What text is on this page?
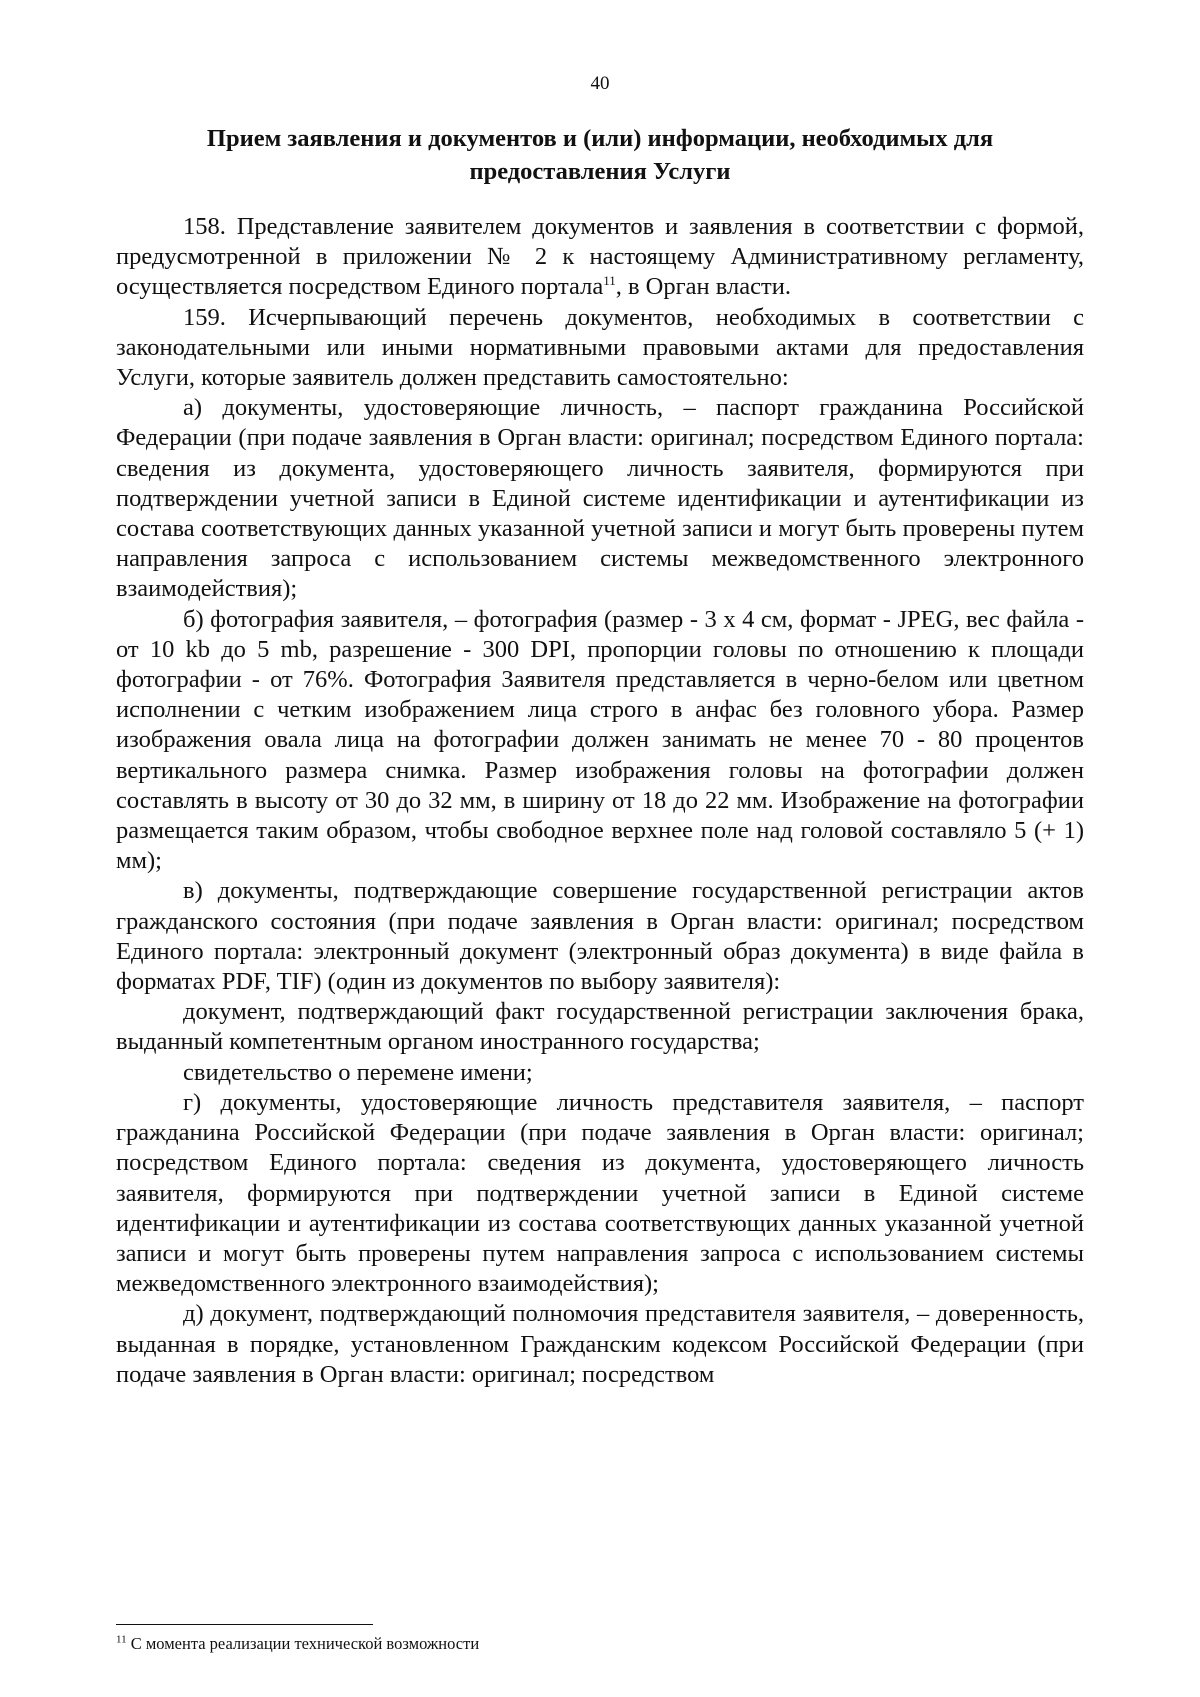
40
Прием заявления и документов и (или) информации, необходимых для предоставления Услуги

158. Представление заявителем документов и заявления в соответствии с формой, предусмотренной в приложении № 2 к настоящему Административному регламенту, осуществляется посредством Единого портала$^{11}$, в Орган власти.

159. Исчерпывающий перечень документов, необходимых в соответствии с законодательными или иными нормативными правовыми актами для предоставления Услуги, которые заявитель должен представить самостоятельно:

а) документы, удостоверяющие личность, – паспорт гражданина Российской Федерации (при подаче заявления в Орган власти: оригинал; посредством Единого портала: сведения из документа, удостоверяющего личность заявителя, формируются при подтверждении учетной записи в Единой системе идентификации и аутентификации из состава соответствующих данных указанной учетной записи и могут быть проверены путем направления запроса с использованием системы межведомственного электронного взаимодействия);

б) фотография заявителя, – фотография (размер - 3 х 4 см, формат - JPEG, вес файла - от 10 kb до 5 mb, разрешение - 300 DPI, пропорции головы по отношению к площади фотографии - от 76%. Фотография Заявителя представляется в черно-белом или цветном исполнении с четким изображением лица строго в анфас без головного убора. Размер изображения овала лица на фотографии должен занимать не менее 70 - 80 процентов вертикального размера снимка. Размер изображения головы на фотографии должен составлять в высоту от 30 до 32 мм, в ширину от 18 до 22 мм. Изображение на фотографии размещается таким образом, чтобы свободное верхнее поле над головой составляло 5 (+ 1) мм);

в) документы, подтверждающие совершение государственной регистрации актов гражданского состояния (при подаче заявления в Орган власти: оригинал; посредством Единого портала: электронный документ (электронный образ документа) в виде файла в форматах PDF, TIF) (один из документов по выбору заявителя):

документ, подтверждающий факт государственной регистрации заключения брака, выданный компетентным органом иностранного государства;

свидетельство о перемене имени;

г) документы, удостоверяющие личность представителя заявителя, – паспорт гражданина Российской Федерации (при подаче заявления в Орган власти: оригинал; посредством Единого портала: сведения из документа, удостоверяющего личность заявителя, формируются при подтверждении учетной записи в Единой системе идентификации и аутентификации из состава соответствующих данных указанной учетной записи и могут быть проверены путем направления запроса с использованием системы межведомственного электронного взаимодействия);

д) документ, подтверждающий полномочия представителя заявителя, – доверенность, выданная в порядке, установленном Гражданским кодексом Российской Федерации (при подаче заявления в Орган власти: оригинал; посредством

$^{11}$ С момента реализации технической возможности
